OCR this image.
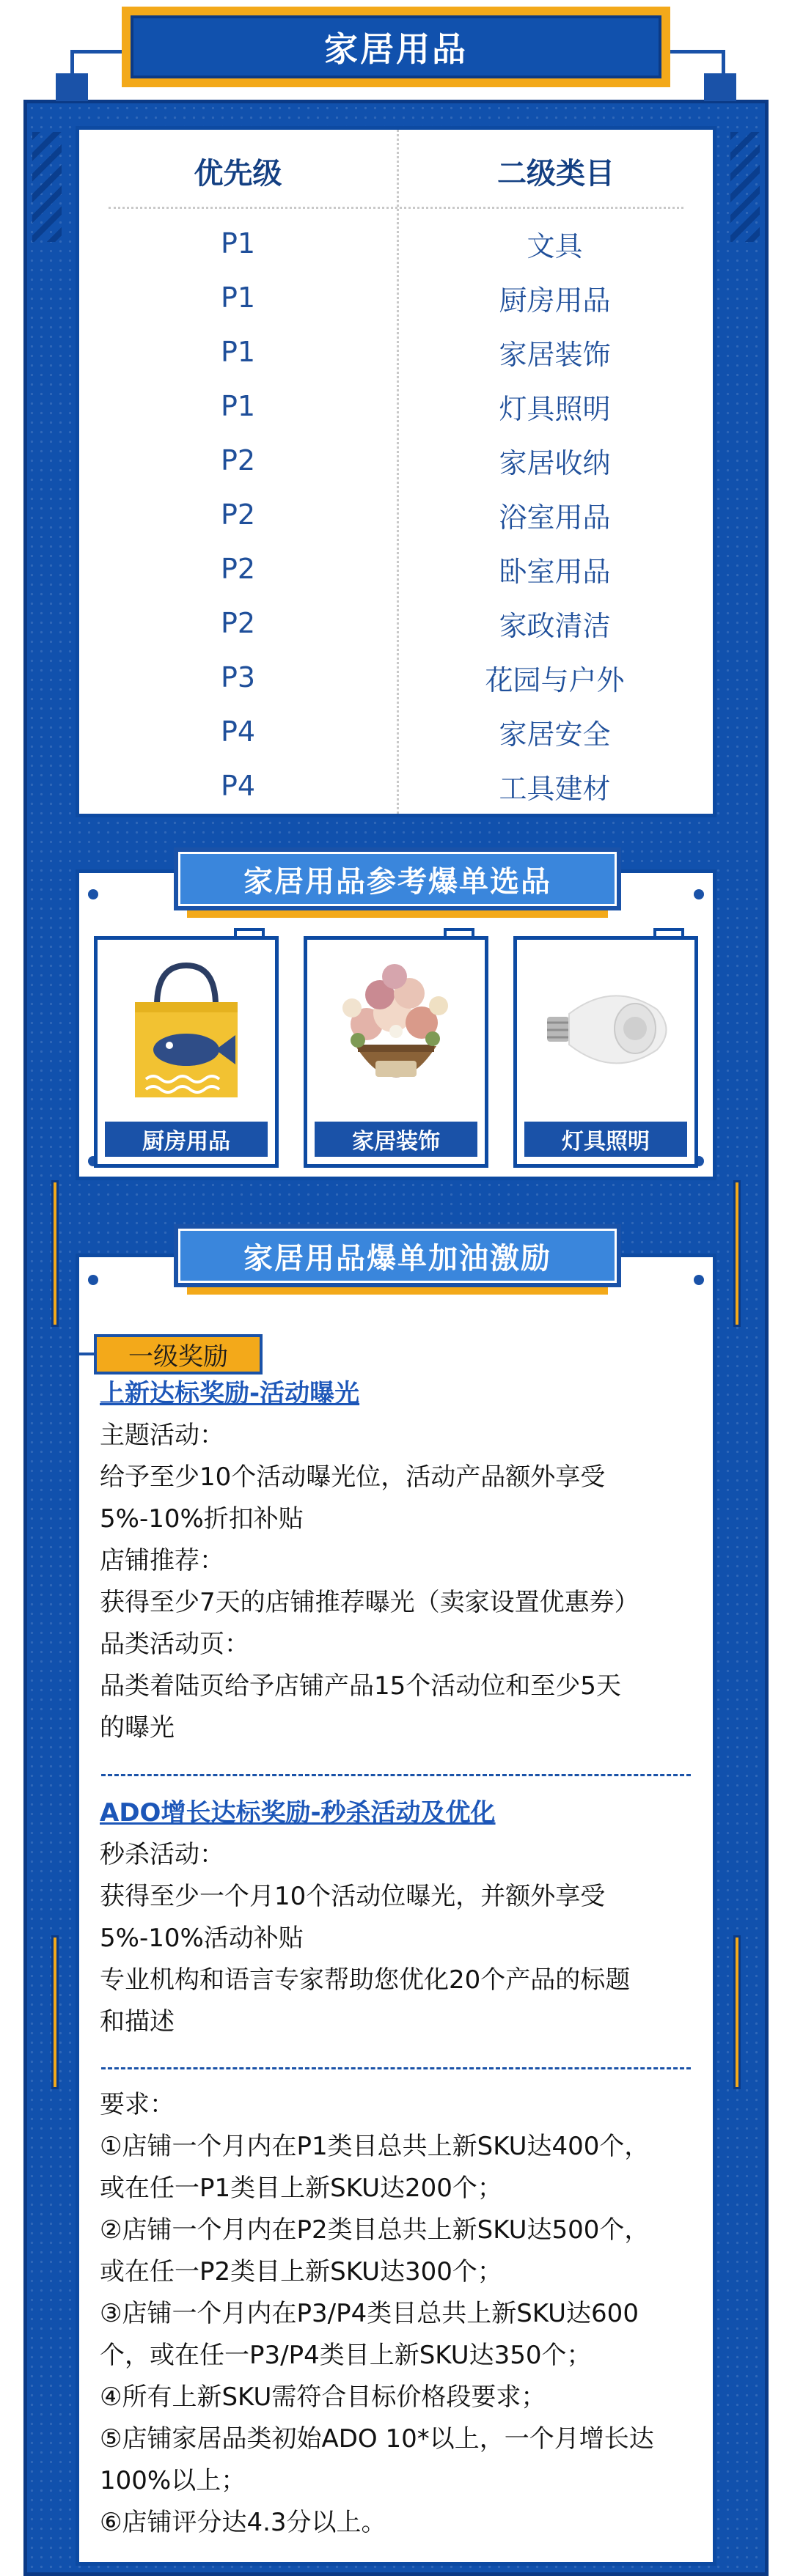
家居用品
优先级	二级类目
P1	文具
P1	厨房用品
P1	家居装饰
P1	灯具照明
P2	家居收纳
P2	浴室用品
P2	卧室用品
P2	家政清洁
P3	花园与户外
P4	家居安全
P4	工具建材
厨房用品	家居装饰	灯具照明
家居用品参考爆单选品
一级奖励
上新达标奖励-活动曝光
主题活动：
给予至少10个活动曝光位，活动产品额外享受
5%-10%折扣补贴
店铺推荐：
获得至少7天的店铺推荐曝光（卖家设置优惠券）
品类活动页：
品类着陆页给予店铺产品15个活动位和至少5天
的曝光
ADO增长达标奖励-秒杀活动及优化
秒杀活动：
获得至少一个月10个活动位曝光，并额外享受
5%-10%活动补贴
专业机构和语言专家帮助您优化20个产品的标题
和描述
要求：
①店铺一个月内在P1类目总共上新SKU达400个，
或在任一P1类目上新SKU达200个；
②店铺一个月内在P2类目总共上新SKU达500个，
或在任一P2类目上新SKU达300个；
③店铺一个月内在P3/P4类目总共上新SKU达600
个，或在任一P3/P4类目上新SKU达350个；
④所有上新SKU需符合目标价格段要求；
⑤店铺家居品类初始ADO 10*以上，一个月增长达
100%以上；
⑥店铺评分达4.3分以上。
家居用品爆单加油激励
